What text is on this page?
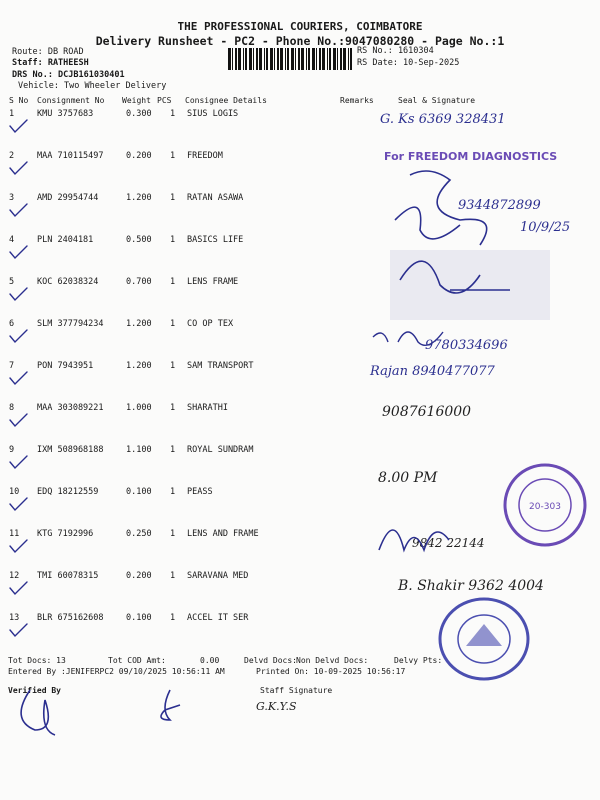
THE PROFESSIONAL COURIERS, COIMBATORE
Delivery Runsheet - PC2 - Phone No.:9047080280 - Page No.:1
Route: DB ROAD
Staff: RATHEESH
DRS No.: DCJB161030401
Vehicle: Two Wheeler Delivery
RS No.: 1610304
RS Date: 10-Sep-2025
S No Consignment No Weight PCS Consignee Details	Remarks	Seal & Signature
1	KMU 3757683	0.300 1 SIUS LOGIS
2	MAA 710115497	0.200 1 FREEDOM
3	AMD 29954744	1.200 1 RATAN ASAWA
4	PLN 2404181	0.500 1 BASICS LIFE
5	KOC 62038324	0.700 1 LENS FRAME
6	SLM 377794234	1.200 1 CO OP TEX
7	PON 7943951	1.200 1 SAM TRANSPORT
8	MAA 303089221	1.000 1 SHARATHI
9	IXM 508968188	1.100 1 ROYAL SUNDRAM
10 EDQ 18212559	0.100 1 PEASS
11 KTG 7192996	0.250 1 LENS AND FRAME
12 TMI 60078315	0.200 1 SARAVANA MED
13 BLR 675162608	0.100 1 ACCEL IT SER
G. Ks 6369 328431
For FREEDOM DIAGNOSTICS
9344872899
10/9/25
9780334696
Rajan 8940477077
9087616000
8.00 PM
20-303
9842 22144
B. Shakir 9362 4004
Tot Docs: 13	Tot COD Amt:	0.00	Delvd Docs: Non Delvd Docs:	Delvy Pts:
Entered By :JENIFERPC2 09/10/2025 10:56:11 AM	Printed On: 10-09-2025 10:56:17
Verified By	Staff Signature
G.K.Y.S
